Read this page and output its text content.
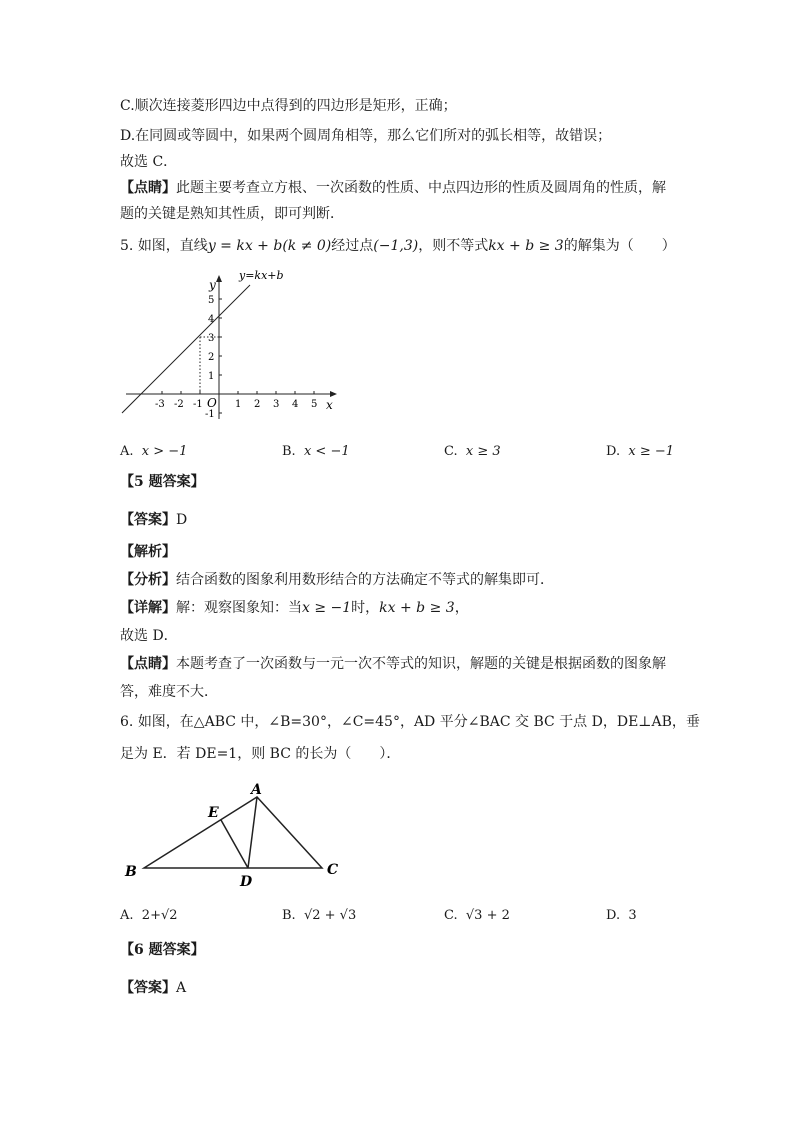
C.顺次连接菱形四边中点得到的四边形是矩形，正确；
D.在同圆或等圆中，如果两个圆周角相等，那么它们所对的弧长相等，故错误；
故选 C．
【点睛】此题主要考查立方根、一次函数的性质、中点四边形的性质及圆周角的性质，解
题的关键是熟知其性质，即可判断．
5. 如图，直线y = kx + b(k ≠ 0)经过点(−1,3)，则不等式kx + b ≥ 3的解集为（　　）
y=kx+b
y
x
O
-3 -2 -1	1 2 3 4 5
5
4
3
2
1
-1
A. x > −1	B. x < −1	C. x ≥ 3	D. x ≥ −1
【5 题答案】
【答案】D
【解析】
【分析】结合函数的图象利用数形结合的方法确定不等式的解集即可．
【详解】解：观察图象知：当x ≥ −1时，kx + b ≥ 3，
故选 D．
【点睛】本题考查了一次函数与一元一次不等式的知识，解题的关键是根据函数的图象解
答，难度不大．
6. 如图，在△ABC 中，∠B=30°，∠C=45°，AD 平分∠BAC 交 BC 于点 D，DE⊥AB，垂
足为 E．若 DE=1，则 BC 的长为（　　）．
A
E
B
D
C
A. 2+√2	B. √2 + √3	C. √3 + 2	D. 3
【6 题答案】
【答案】A
